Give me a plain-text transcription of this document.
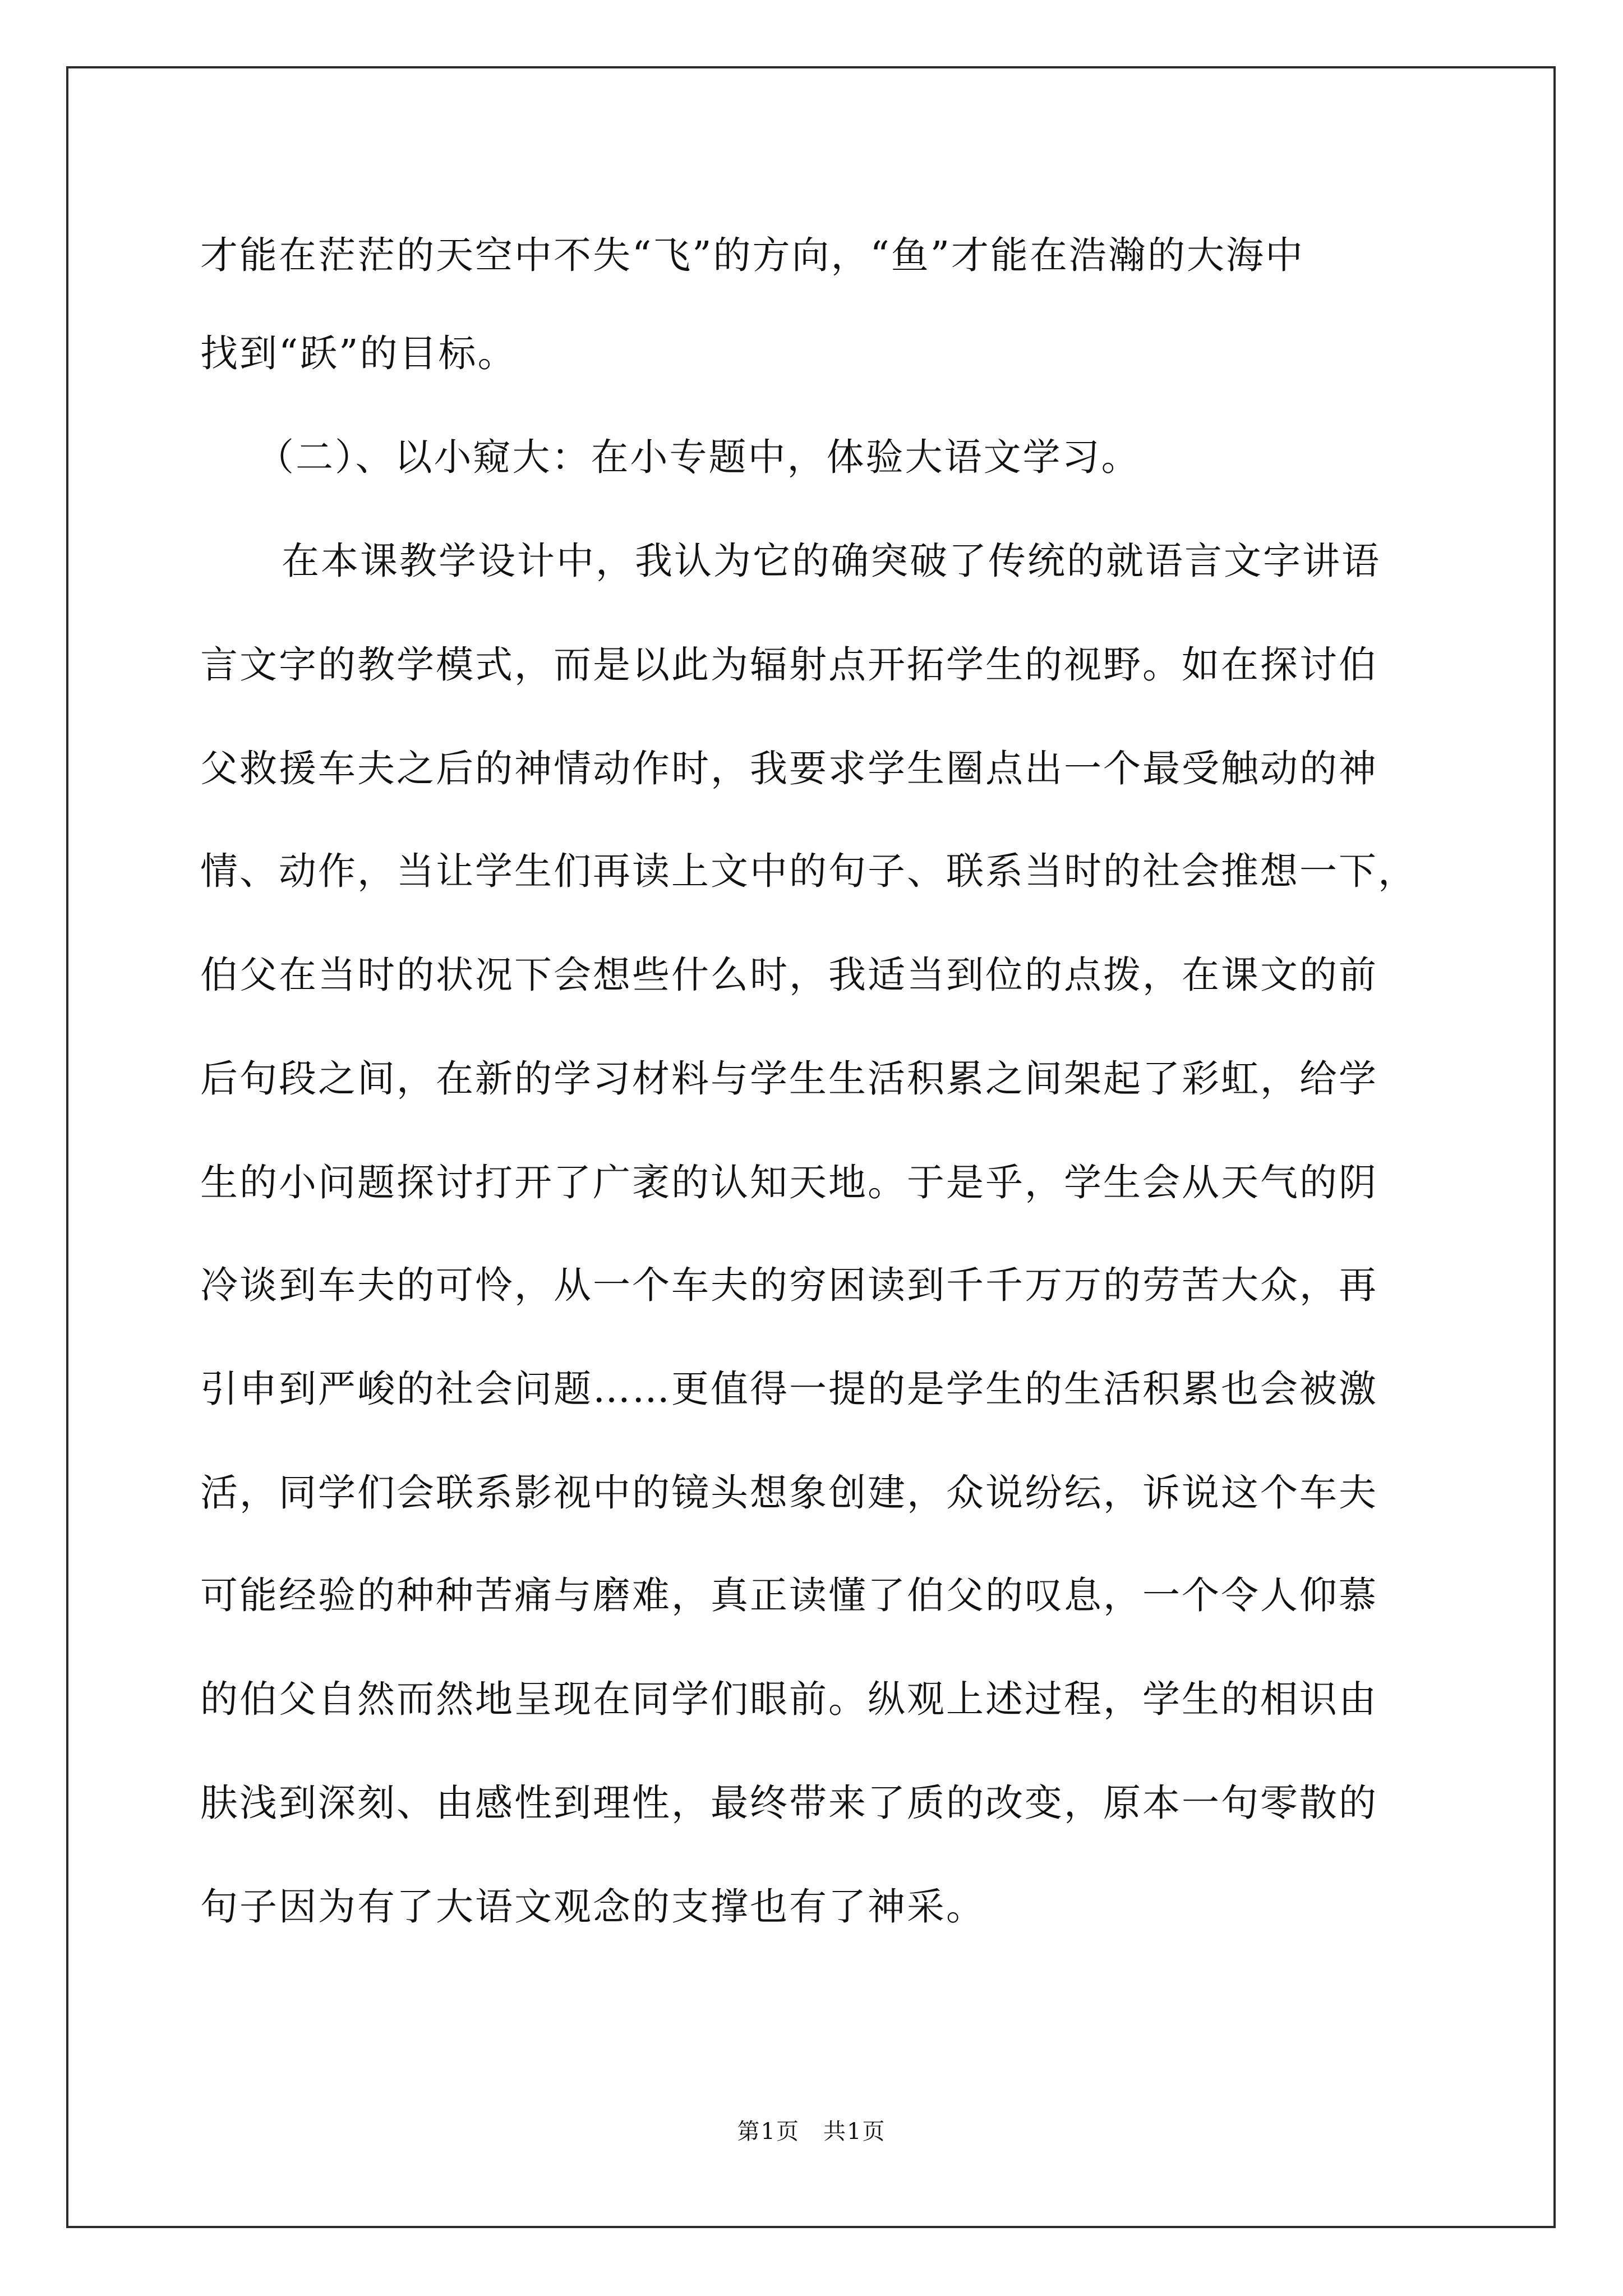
才能在茫茫的天空中不失“飞”的方向，“鱼”才能在浩瀚的大海中
找到“跃”的目标。
（二）、以小窥大：在小专题中，体验大语文学习。
在本课教学设计中，我认为它的确突破了传统的就语言文字讲语
言文字的教学模式，而是以此为辐射点开拓学生的视野。如在探讨伯
父救援车夫之后的神情动作时，我要求学生圈点出一个最受触动的神
情、动作，当让学生们再读上文中的句子、联系当时的社会推想一下，
伯父在当时的状况下会想些什么时，我适当到位的点拨，在课文的前
后句段之间，在新的学习材料与学生生活积累之间架起了彩虹，给学
生的小问题探讨打开了广袤的认知天地。于是乎，学生会从天气的阴
冷谈到车夫的可怜，从一个车夫的穷困读到千千万万的劳苦大众，再
引申到严峻的社会问题……更值得一提的是学生的生活积累也会被激
活，同学们会联系影视中的镜头想象创建，众说纷纭，诉说这个车夫
可能经验的种种苦痛与磨难，真正读懂了伯父的叹息，一个令人仰慕
的伯父自然而然地呈现在同学们眼前。纵观上述过程，学生的相识由
肤浅到深刻、由感性到理性，最终带来了质的改变，原本一句零散的
句子因为有了大语文观念的支撑也有了神采。
第1页　共1页
